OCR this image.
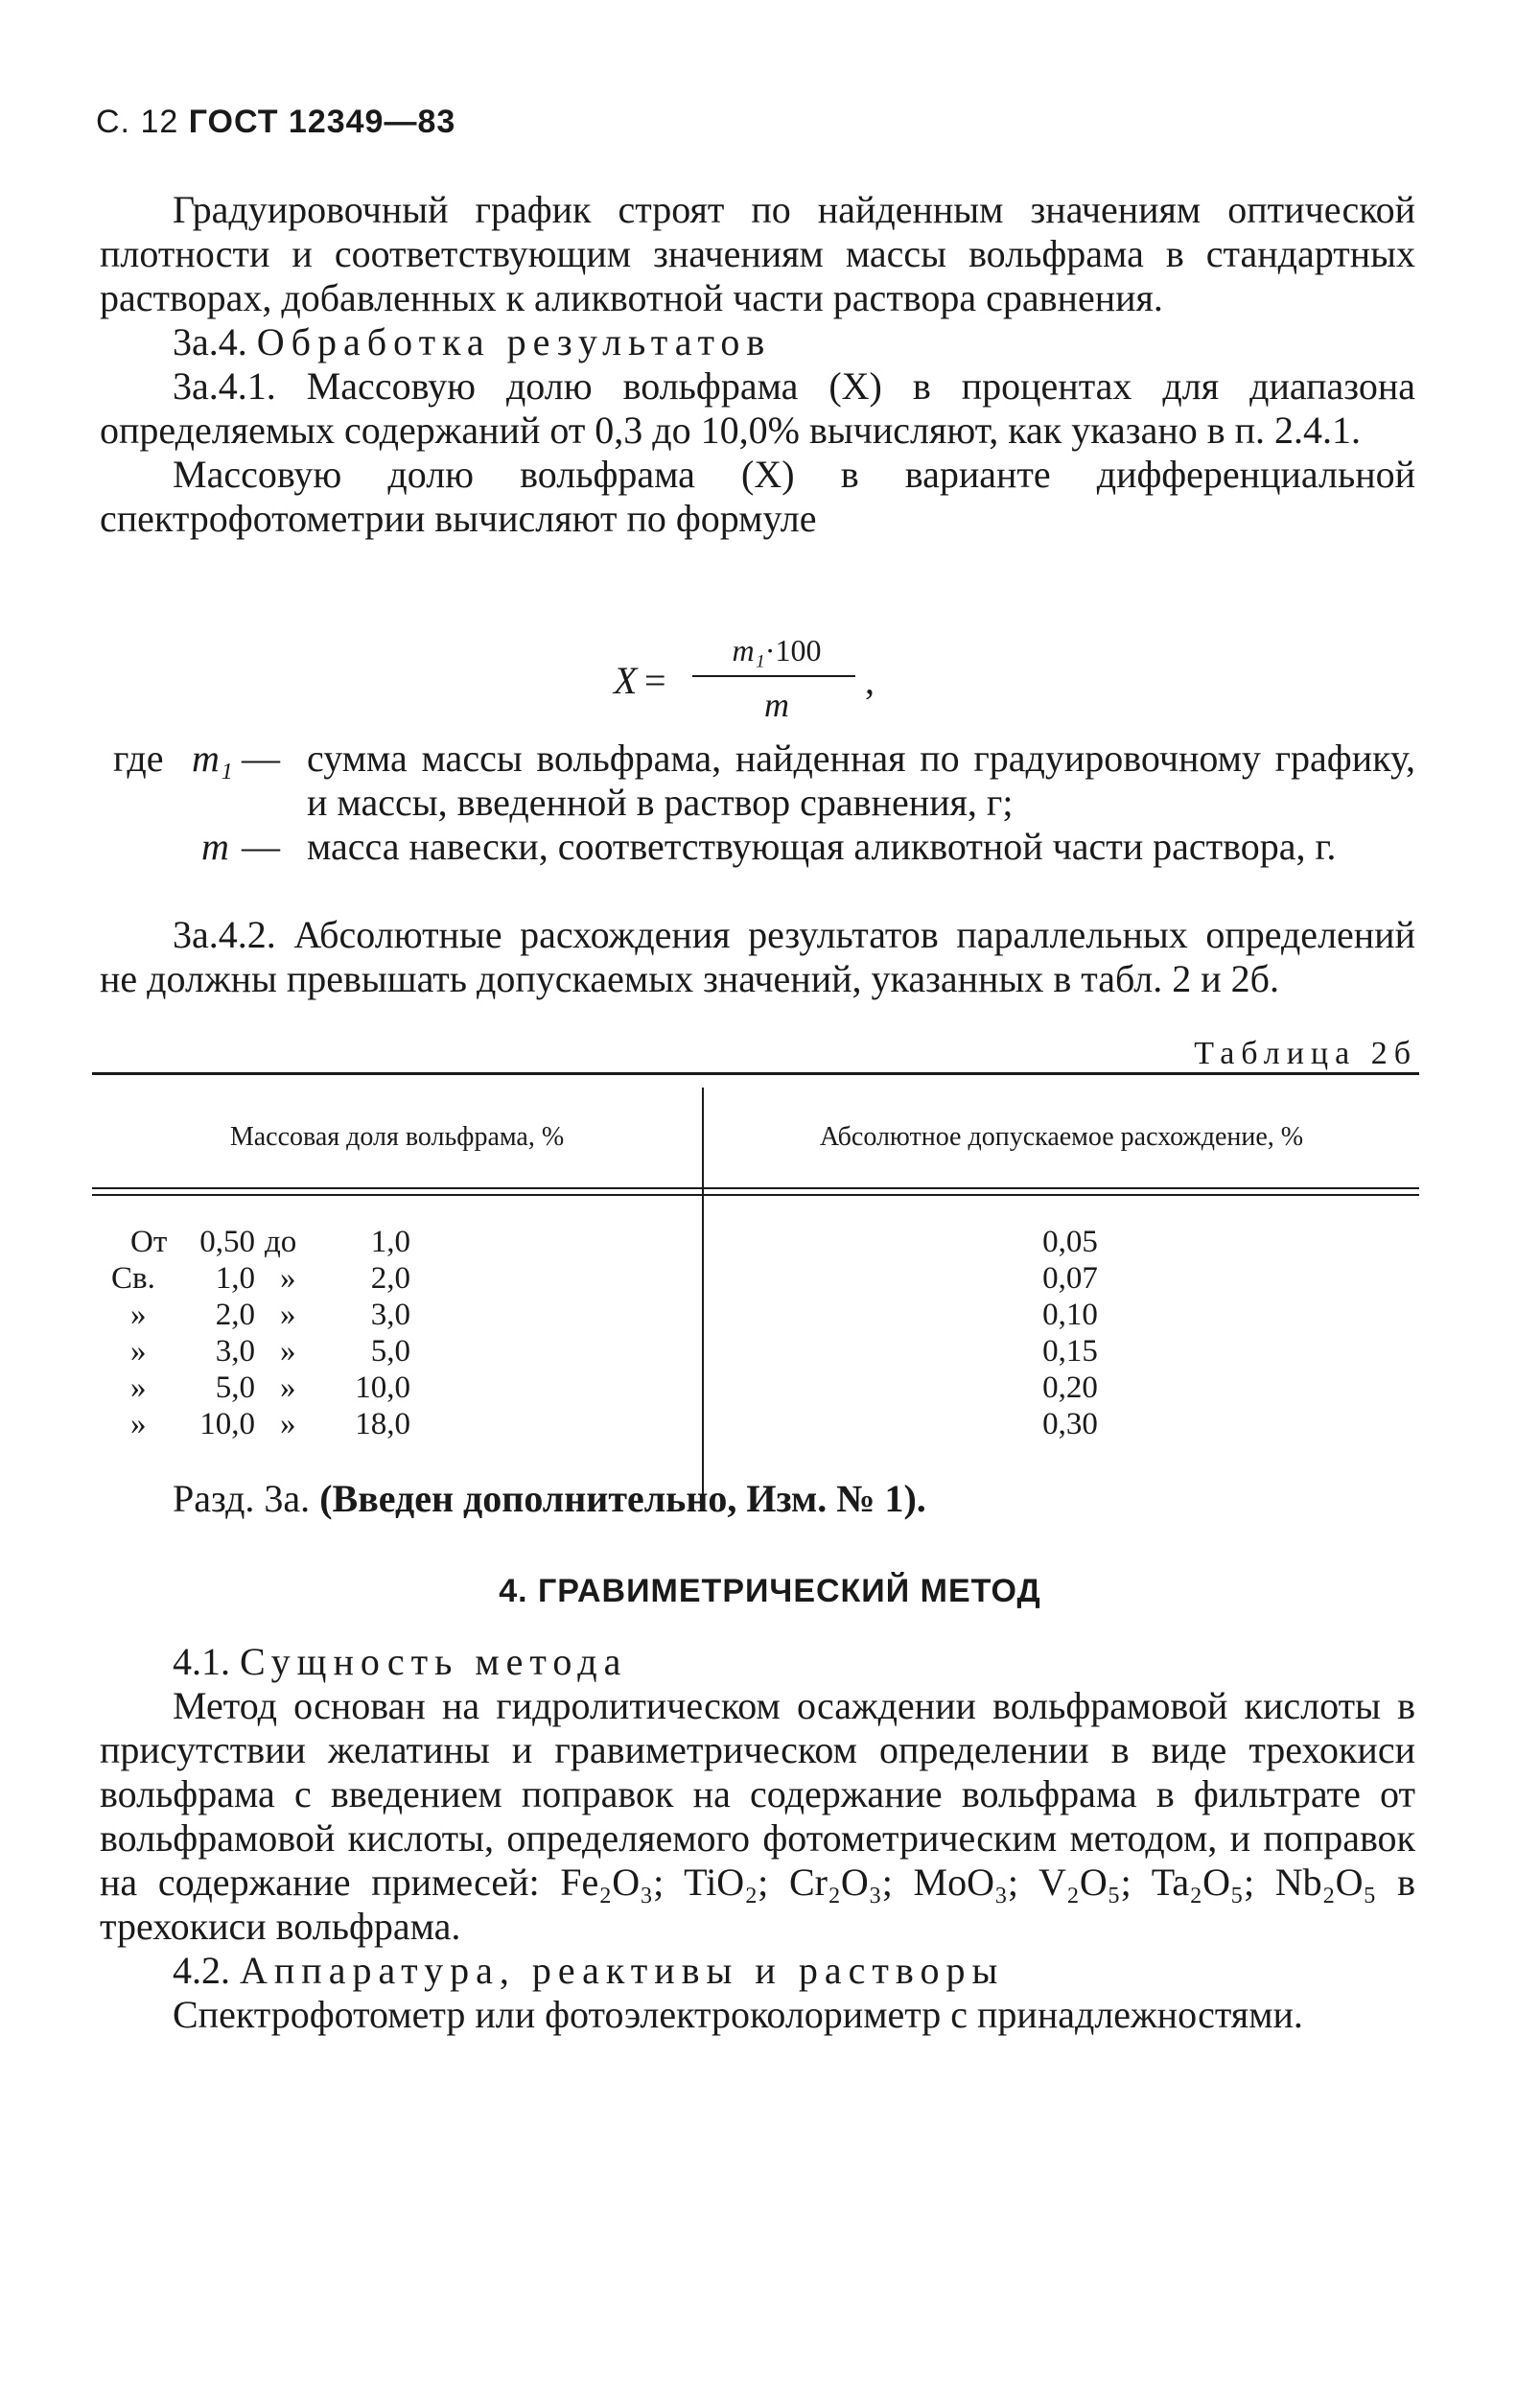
С. 12 ГОСТ 12349—83

Градуировочный график строят по найденным значениям оптической плотности и соответствующим значениям массы вольфрама в стандартных растворах, добавленных к аликвотной части раствора сравнения.

3а.4. Обработка результатов

3а.4.1. Массовую долю вольфрама (X) в процентах для диапазона определяемых содержаний от 0,3 до 10,0% вычисляют, как указано в п. 2.4.1.

Массовую долю вольфрама (X) в варианте дифференциальной спектрофотометрии вычисляют по формуле

X =
m₁·100
m
,
где m₁ — сумма массы вольфрама, найденная по градуировочному графику, и массы, введенной в раствор сравнения, г;
m — масса навески, соответствующая аликвотной части раствора, г.

3а.4.2. Абсолютные расхождения результатов параллельных определений не должны превышать допускаемых значений, указанных в табл. 2 и 2б.

Таблица 2б
Массовая доля вольфрама, %	Абсолютное допускаемое расхождение, %
От	0,50 до	1,0	0,05
Св.	1,0 »	2,0	0,07
»	2,0 »	3,0	0,10
»	3,0 »	5,0	0,15
»	5,0 »	10,0	0,20
»	10,0 »	18,0	0,30

Разд. 3а. (Введен дополнительно, Изм. № 1).

4. ГРАВИМЕТРИЧЕСКИЙ МЕТОД

4.1. Сущность метода

Метод основан на гидролитическом осаждении вольфрамовой кислоты в присутствии желатины и гравиметрическом определении в виде трехокиси вольфрама с введением поправок на содержание вольфрама в фильтрате от вольфрамовой кислоты, определяемого фотометрическим методом, и поправок на содержание примесей: Fe₂O₃; TiO₂; Cr₂O₃; MoO₃; V₂O₅; Ta₂O₅; Nb₂O₅ в трехокиси вольфрама.

4.2. Аппаратура, реактивы и растворы

Спектрофотометр или фотоэлектроколориметр с принадлежностями.
